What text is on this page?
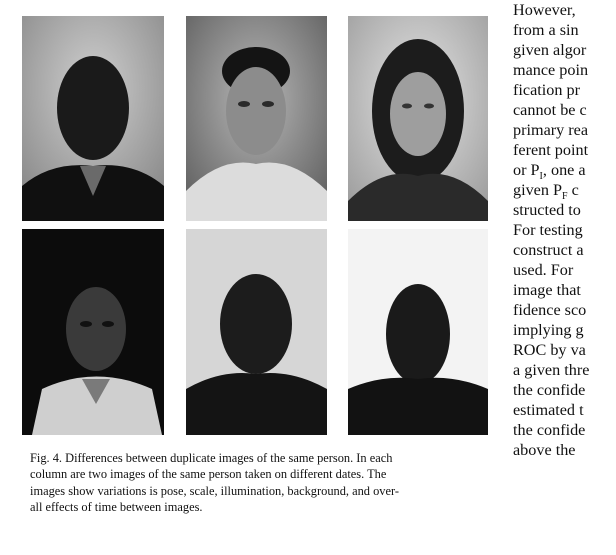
Fig. 4. Differences between duplicate images of the same person. In each
column are two images of the same person taken on different dates. The
images show variations is pose, scale, illumination, background, and over-
all effects of time between images.
However,
from a sin
given algor
mance poin
fication pr
cannot be c
primary rea
ferent point
or $P_I$, one a
given $P_F$ c
structed to
For testing
construct a
used. For
image that
fidence sco
implying g
ROC by va
a given thre
the confide
estimated t
the confide
above the
